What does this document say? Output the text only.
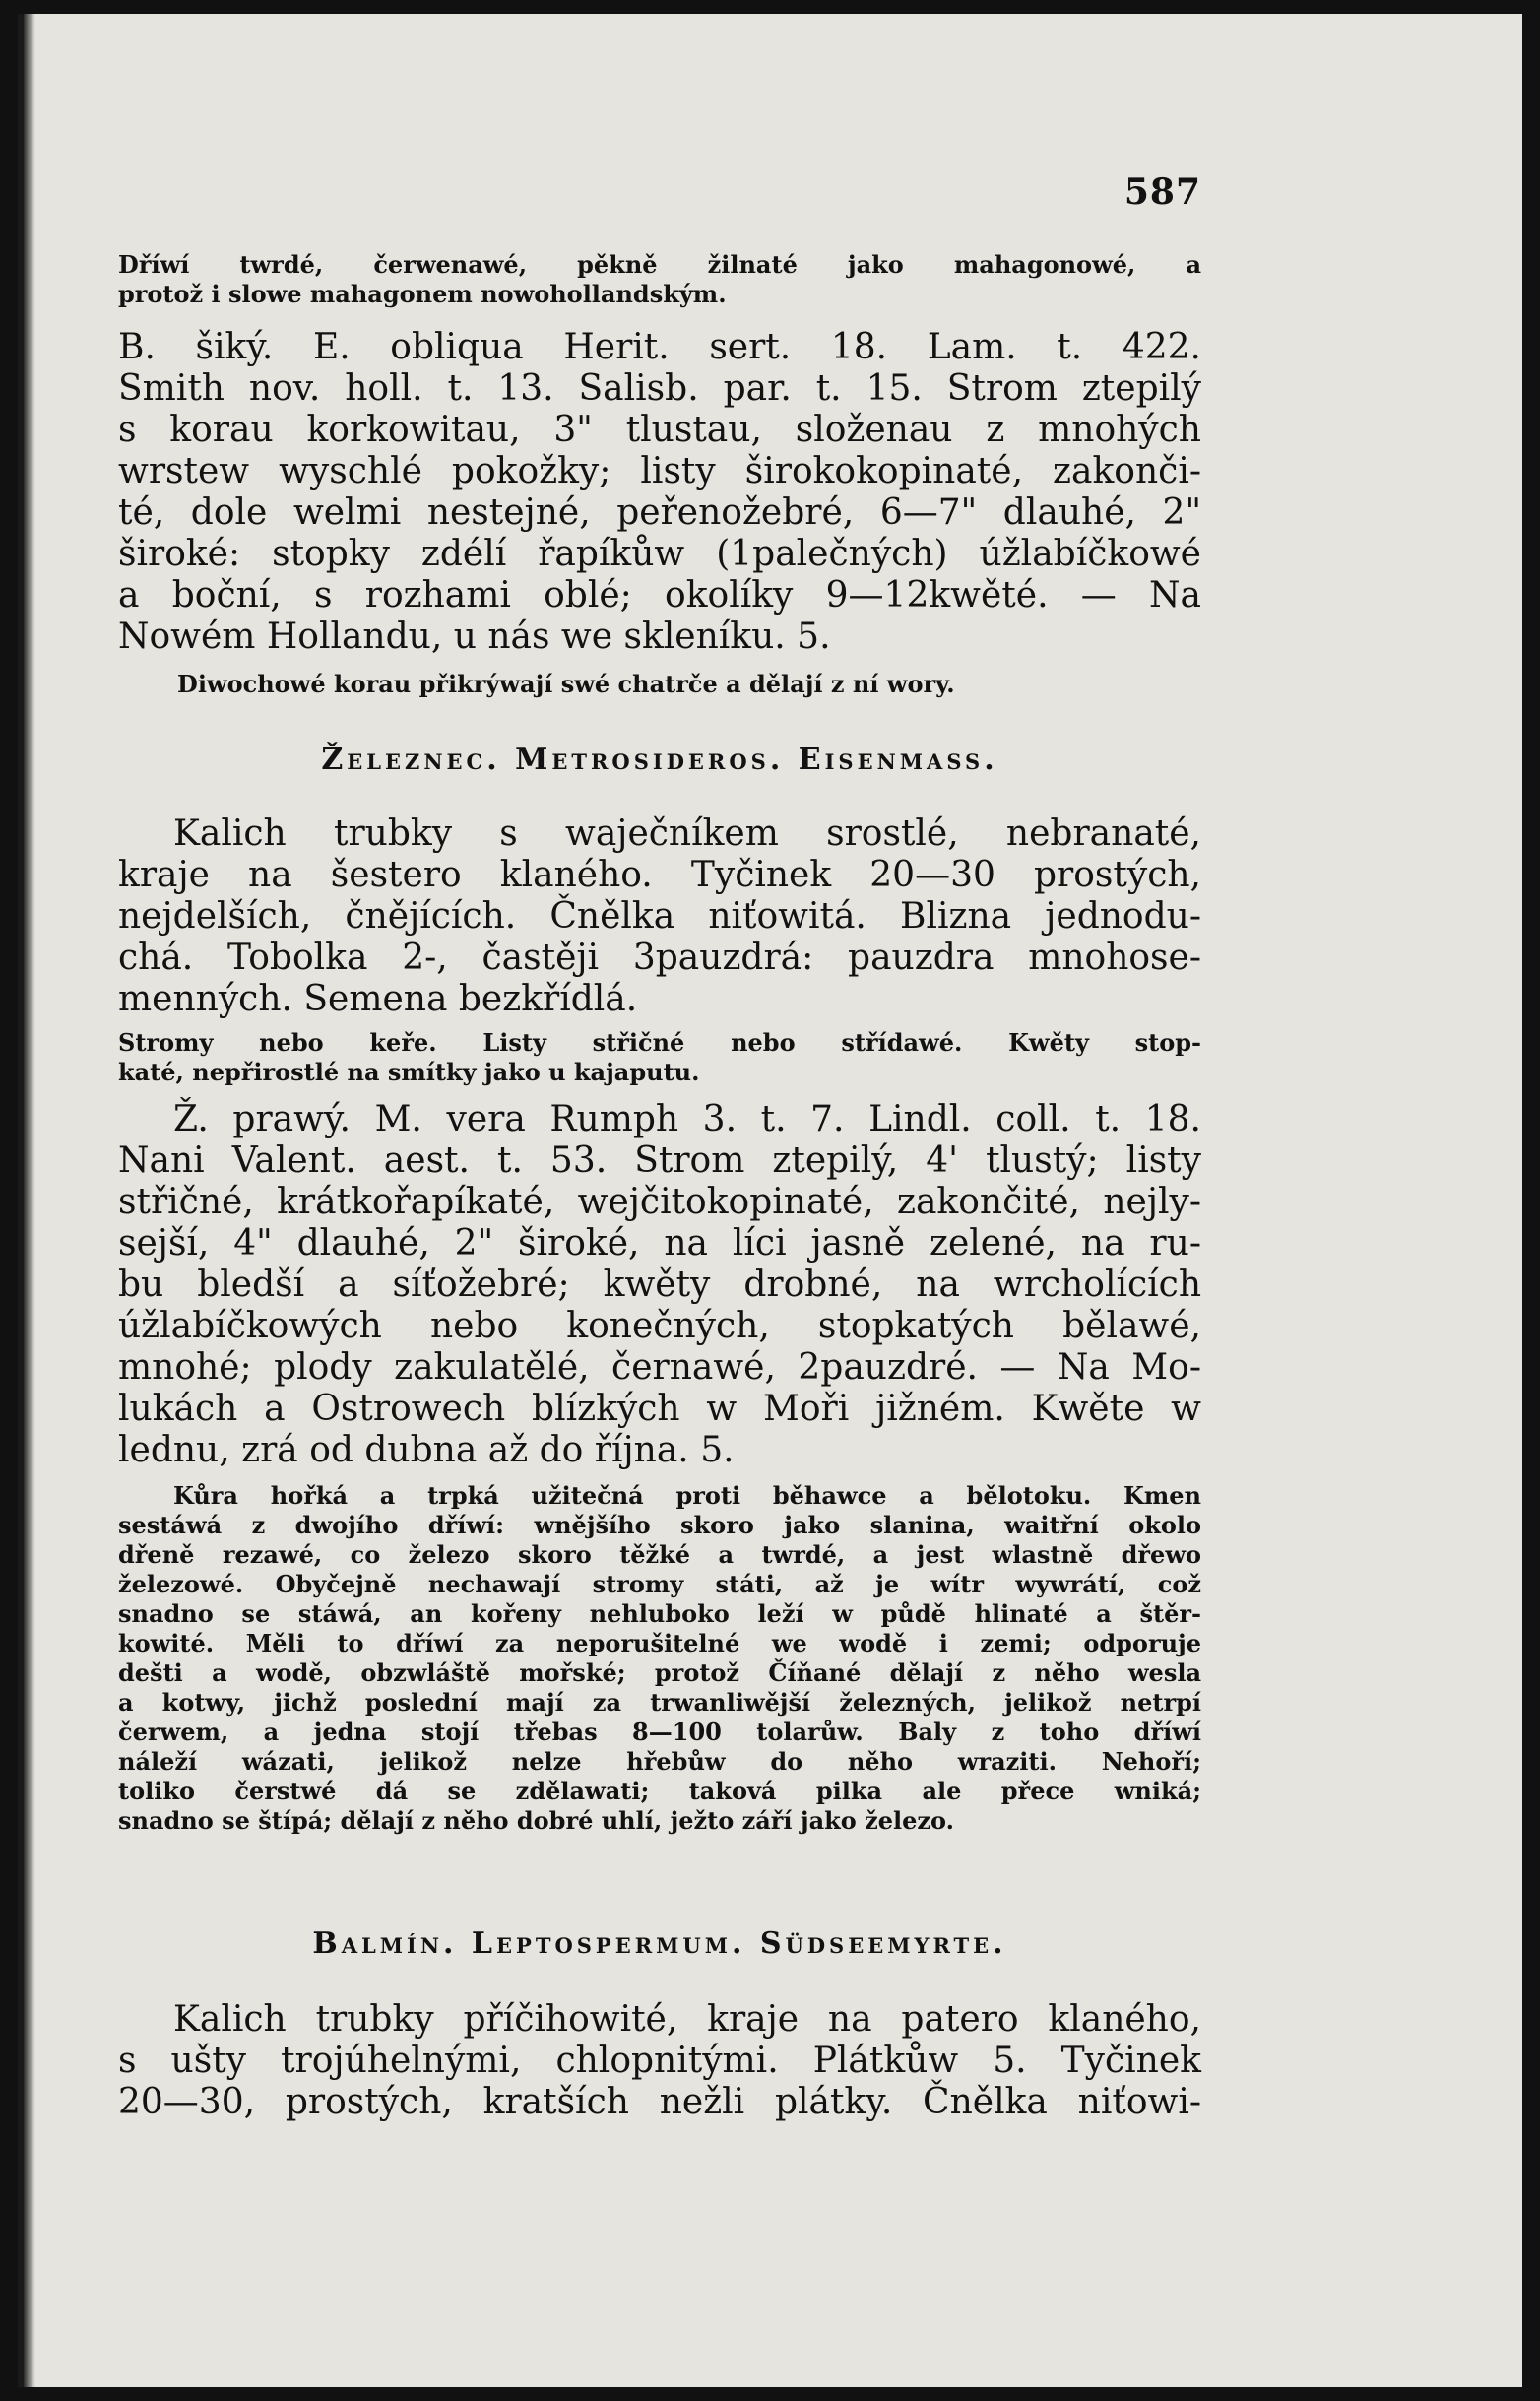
587
Dříwí twrdé, čerwenawé, pěkně žilnaté jako mahagonowé, a
protož i slowe mahagonem nowohollandským.
B. šiký. E. obliqua Herit. sert. 18. Lam. t. 422.
Smith nov. holl. t. 13. Salisb. par. t. 15. Strom ztepilý
s korau korkowitau, 3" tlustau, složenau z mnohých
wrstew wyschlé pokožky; listy širokokopinaté, zakonči-
té, dole welmi nestejné, peřenožebré, 6—7" dlauhé, 2"
široké: stopky zdélí řapíkůw (1palečných) úžlabíčkowé
a boční, s rozhami oblé; okolíky 9—12kwěté. — Na
Nowém Hollandu, u nás we skleníku. 5.
Diwochowé korau přikrýwají swé chatrče a dělají z ní wory.
Železnec. Metrosideros. Eisenmass.
Kalich trubky s waječníkem srostlé, nebranaté,
kraje na šestero klaného. Tyčinek 20—30 prostých,
nejdelších, čnějících. Čnělka niťowitá. Blizna jednodu-
chá. Tobolka 2-, častěji 3pauzdrá: pauzdra mnohose-
menných. Semena bezkřídlá.
Stromy nebo keře. Listy střičné nebo střídawé. Kwěty stop-
katé, nepřirostlé na smítky jako u kajaputu.
Ž. prawý. M. vera Rumph 3. t. 7. Lindl. coll. t. 18.
Nani Valent. aest. t. 53. Strom ztepilý, 4' tlustý; listy
střičné, krátkořapíkaté, wejčitokopinaté, zakončité, nejly-
sejší, 4" dlauhé, 2" široké, na líci jasně zelené, na ru-
bu bledší a síťožebré; kwěty drobné, na wrcholících
úžlabíčkowých nebo konečných, stopkatých bělawé,
mnohé; plody zakulatělé, černawé, 2pauzdré. — Na Mo-
lukách a Ostrowech blízkých w Moři jižném. Kwěte w
lednu, zrá od dubna až do října. 5.
Kůra hořká a trpká užitečná proti běhawce a bělotoku. Kmen
sestáwá z dwojího dříwí: wnějšího skoro jako slanina, waitřní okolo
dřeně rezawé, co železo skoro těžké a twrdé, a jest wlastně dřewo
železowé. Obyčejně nechawají stromy státi, až je wítr wywrátí, což
snadno se stáwá, an kořeny nehluboko leží w půdě hlinaté a štěr-
kowité. Měli to dříwí za neporušitelné we wodě i zemi; odporuje
dešti a wodě, obzwláště mořské; protož Číňané dělají z něho wesla
a kotwy, jichž poslední mají za trwanliwější železných, jelikož netrpí
čerwem, a jedna stojí třebas 8—100 tolarůw. Baly z toho dříwí
náleží wázati, jelikož nelze hřebůw do něho wraziti. Nehoří;
toliko čerstwé dá se zdělawati; taková pilka ale přece wniká;
snadno se štípá; dělají z něho dobré uhlí, ježto září jako železo.
Balmín. Leptospermum. Südseemyrte.
Kalich trubky příčihowité, kraje na patero klaného,
s ušty trojúhelnými, chlopnitými. Plátkůw 5. Tyčinek
20—30, prostých, kratších nežli plátky. Čnělka niťowi-
